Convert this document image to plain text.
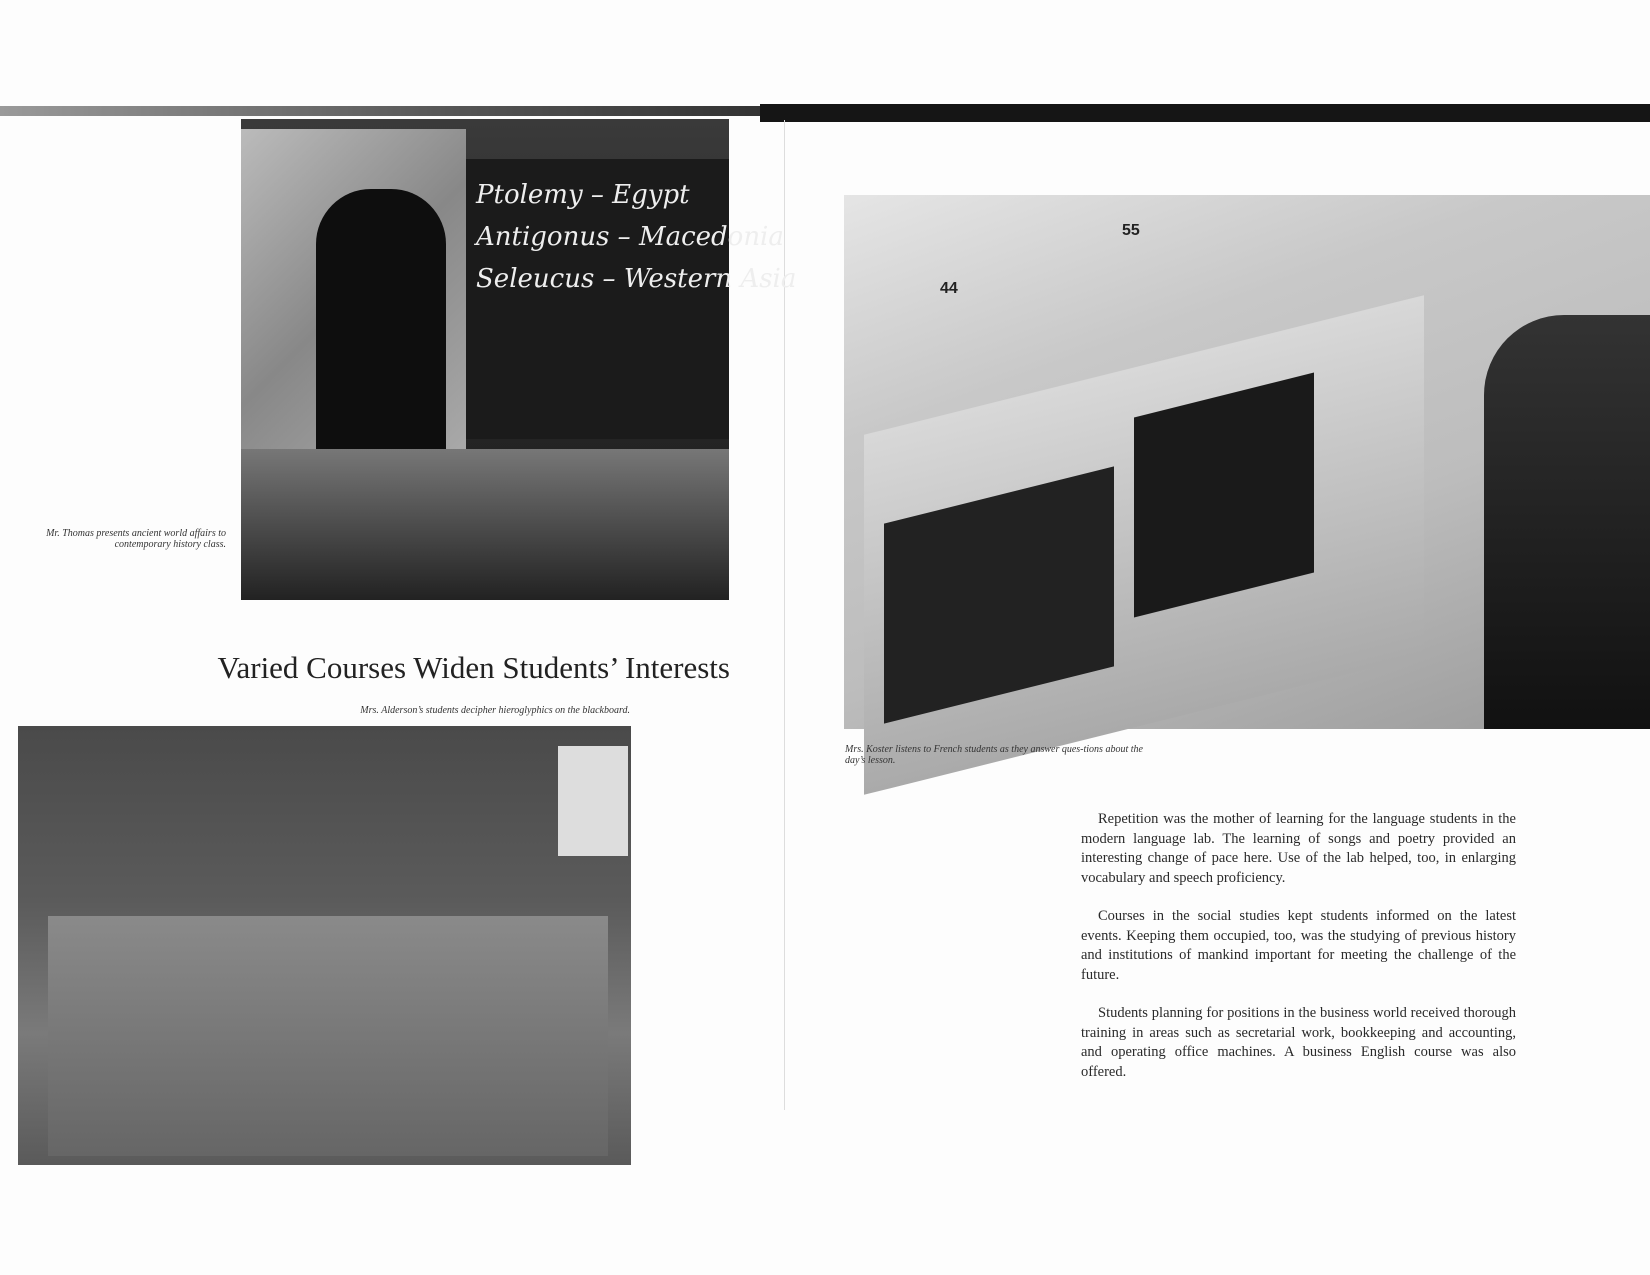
Ptolemy – Egypt
Antigonus – Macedonia
Seleucus – Western Asia
Mr. Thomas presents ancient world affairs to contemporary history class.
Varied Courses Widen Students’ Interests
Mrs. Alderson’s students decipher hieroglyphics on the blackboard.
44
55
Mrs. Koster listens to French students as they answer ques-tions about the day’s lesson.

Repetition was the mother of learning for the language students in the modern language lab. The learning of songs and poetry provided an interesting change of pace here. Use of the lab helped, too, in enlarging vocabulary and speech proficiency.

Courses in the social studies kept students informed on the latest events. Keeping them occupied, too, was the studying of previous history and institutions of mankind important for meeting the challenge of the future.

Students planning for positions in the business world received thorough training in areas such as secretarial work, bookkeeping and accounting, and operating office machines. A business English course was also offered.
